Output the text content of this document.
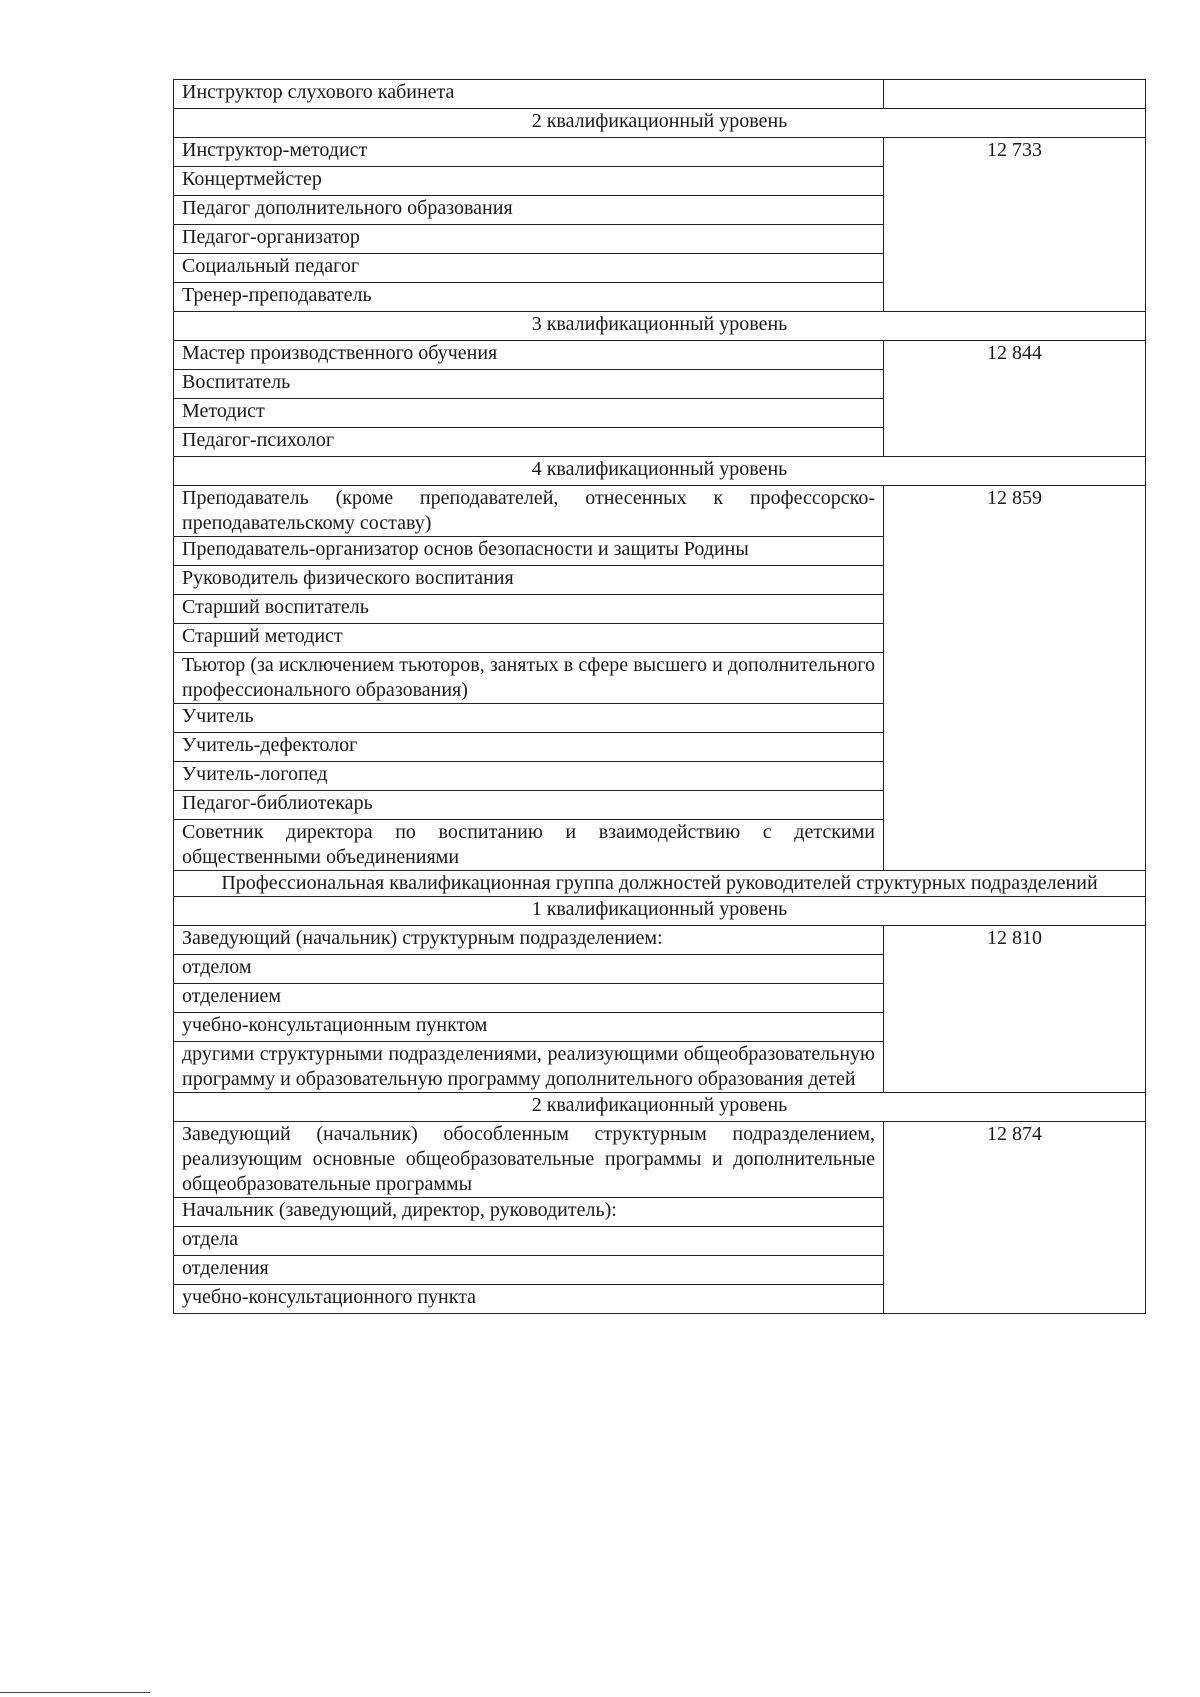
Инструктор слухового кабинета	
2 квалификационный уровень	
Инструктор-методист	12 733
Концертмейстер	
Педагог дополнительного образования	
Педагог-организатор	
Социальный педагог	
Тренер-преподаватель	
3 квалификационный уровень	
Мастер производственного обучения	12 844
Воспитатель	
Методист	
Педагог-психолог	
4 квалификационный уровень	
Преподаватель (кроме преподавателей, отнесенных к профессорско-преподавательскому составу)	12 859
Преподаватель-организатор основ безопасности и защиты Родины	
Руководитель физического воспитания	
Старший воспитатель	
Старший методист	
Тьютор (за исключением тьюторов, занятых в сфере высшего и дополнительного профессионального образования)	
Учитель	
Учитель-дефектолог	
Учитель-логопед	
Педагог-библиотекарь	
Советник директора по воспитанию и взаимодействию с детскими общественными объединениями	
Профессиональная квалификационная группа должностей руководителей структурных подразделений	
1 квалификационный уровень	
Заведующий (начальник) структурным подразделением:	12 810
отделом	
отделением	
учебно-консультационным пунктом	
другими структурными подразделениями, реализующими общеобразовательную программу и образовательную программу дополнительного образования детей	
2 квалификационный уровень	
Заведующий (начальник) обособленным структурным подразделением, реализующим основные общеобразовательные программы и дополнительные общеобразовательные программы	12 874
Начальник (заведующий, директор, руководитель):	
отдела	
отделения	
учебно-консультационного пункта	
